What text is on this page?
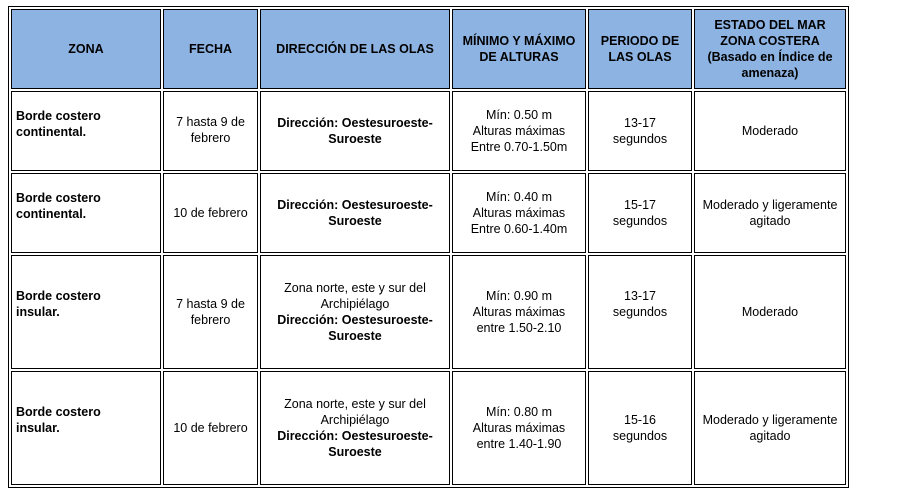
ZONA	FECHA	DIRECCIÓN DE LAS OLAS	MÍNIMO Y MÁXIMO
DE ALTURAS	PERIODO DE
LAS OLAS	ESTADO DEL MAR
ZONA COSTERA
(Basado en Índice de
amenaza)

Borde costero
continental.	7 hasta 9 de
febrero	Dirección: Oestesuroeste-
Suroeste	Mín: 0.50 m
Alturas máximas
Entre 0.70-1.50m	13-17
segundos	Moderado

Borde costero
continental.	10 de febrero	Dirección: Oestesuroeste-
Suroeste	Mín: 0.40 m
Alturas máximas
Entre 0.60-1.40m	15-17
segundos	Moderado y ligeramente
agitado

Borde costero
insular.	7 hasta 9 de
febrero	Zona norte, este y sur del
Archipiélago
Dirección: Oestesuroeste-
Suroeste	Mín: 0.90 m
Alturas máximas
entre 1.50-2.10	13-17
segundos	Moderado

Borde costero
insular.	10 de febrero	Zona norte, este y sur del
Archipiélago
Dirección: Oestesuroeste-
Suroeste	Mín: 0.80 m
Alturas máximas
entre 1.40-1.90	15-16
segundos	Moderado y ligeramente
agitado
